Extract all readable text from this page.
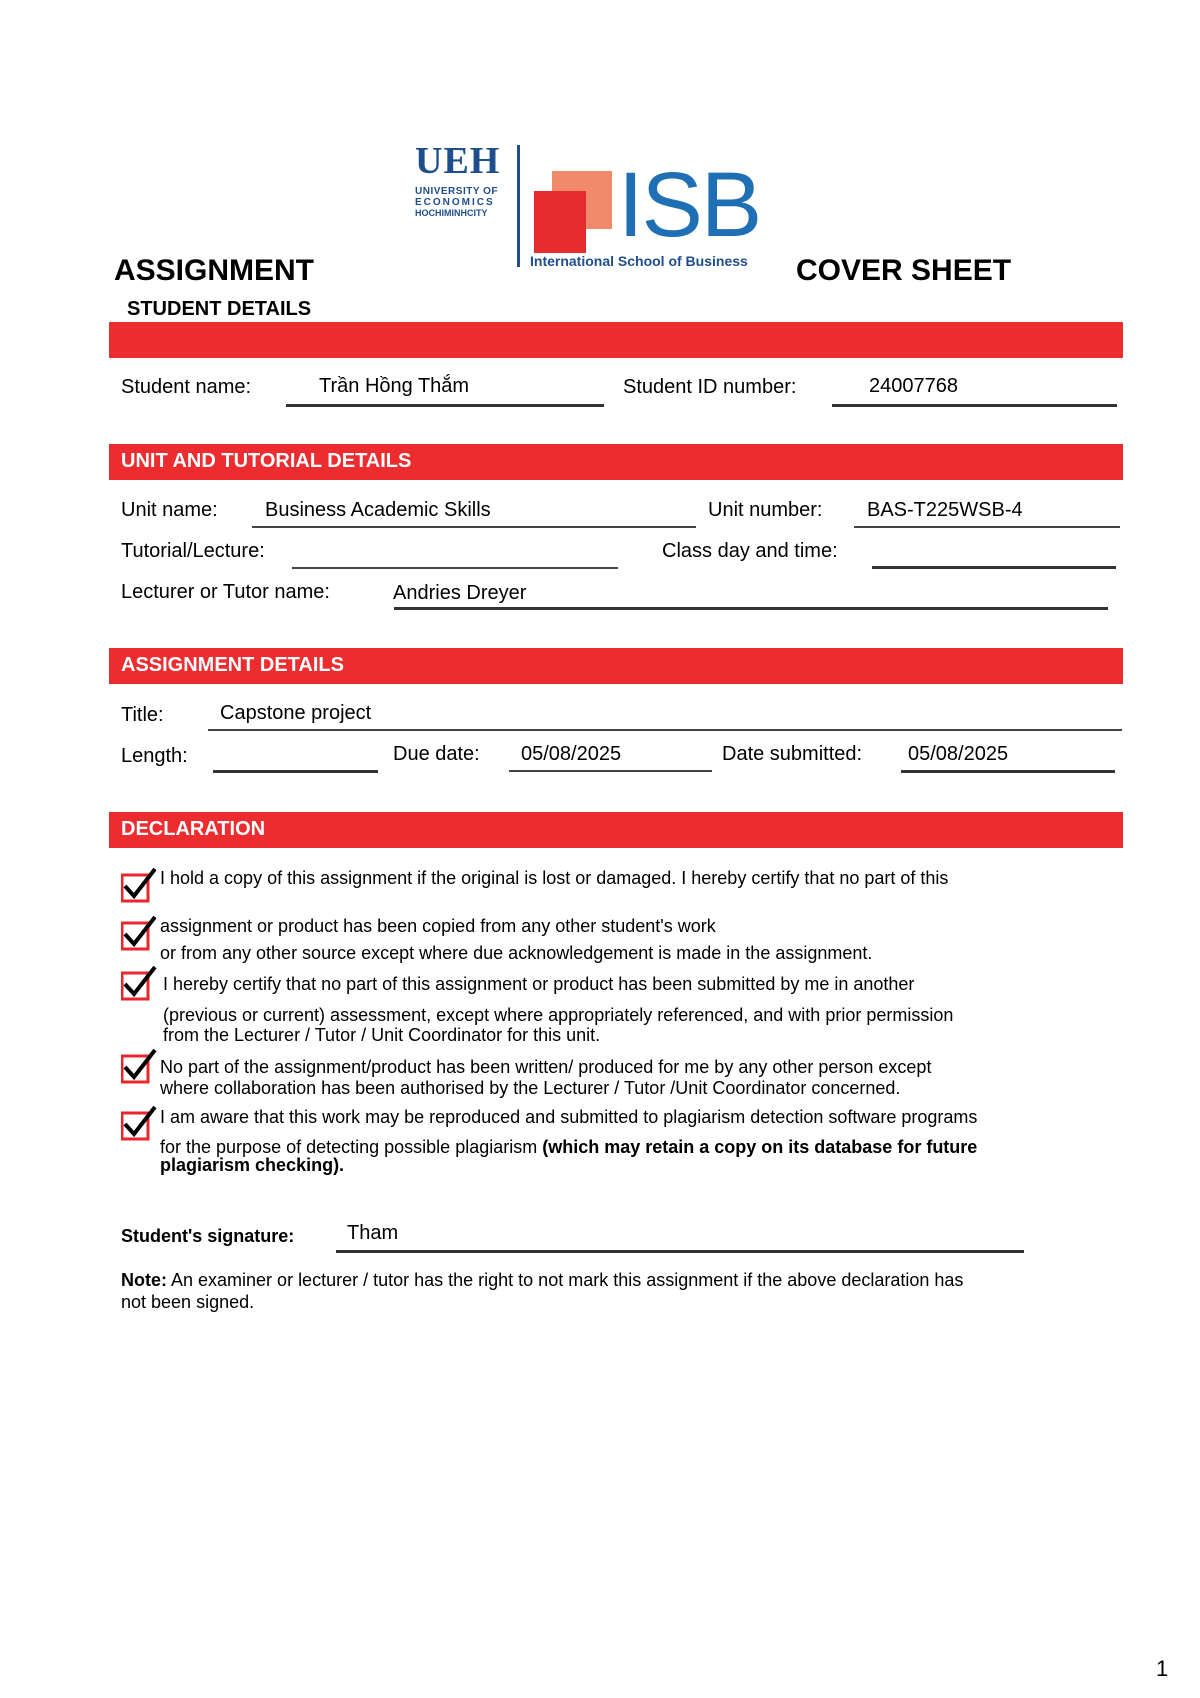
UEH
UNIVERSITY OF
ECONOMICS
HOCHIMINHCITY ISB
International School of Business
ASSIGNMENT	COVER SHEET
STUDENT DETAILS
Student name:	Trần Hồng Thắm	Student ID number:	24007768
UNIT AND TUTORIAL DETAILS
Unit name: Business Academic Skills	Unit number: BAS-T225WSB-4
Tutorial/Lecture:	Class day and time:
Lecturer or Tutor name:	Andries Dreyer
ASSIGNMENT DETAILS
Title:	Capstone project
Length:	Due date: 05/08/2025	Date submitted: 05/08/2025
DECLARATION
I hold a copy of this assignment if the original is lost or damaged. I hereby certify that no part of this
assignment or product has been copied from any other student's work
or from any other source except where due acknowledgement is made in the assignment.
I hereby certify that no part of this assignment or product has been submitted by me in another
(previous or current) assessment, except where appropriately referenced, and with prior permission
from the Lecturer / Tutor / Unit Coordinator for this unit.
No part of the assignment/product has been written/ produced for me by any other person except
where collaboration has been authorised by the Lecturer / Tutor /Unit Coordinator concerned.
I am aware that this work may be reproduced and submitted to plagiarism detection software programs
for the purpose of detecting possible plagiarism (which may retain a copy on its database for future
plagiarism checking).
Student's signature:	Tham
Note: An examiner or lecturer / tutor has the right to not mark this assignment if the above declaration has
not been signed.
1
